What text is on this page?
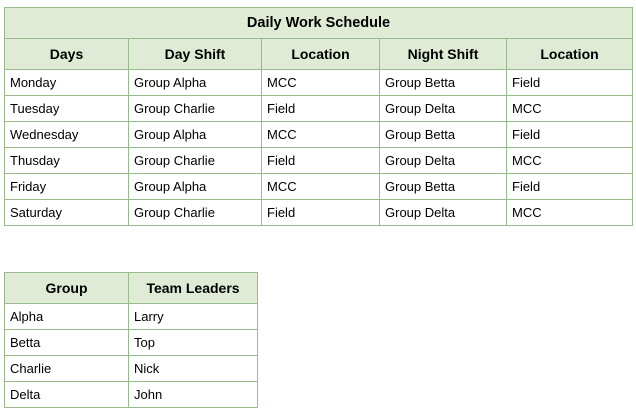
Daily Work Schedule				
Days	Day Shift	Location	Night Shift	Location
Monday	Group Alpha	MCC	Group Betta	Field
Tuesday	Group Charlie	Field	Group Delta	MCC
Wednesday	Group Alpha	MCC	Group Betta	Field
Thusday	Group Charlie	Field	Group Delta	MCC
Friday	Group Alpha	MCC	Group Betta	Field
Saturday	Group Charlie	Field	Group Delta	MCC
Group	Team Leaders
Alpha	Larry
Betta	Top
Charlie	Nick
Delta	John
